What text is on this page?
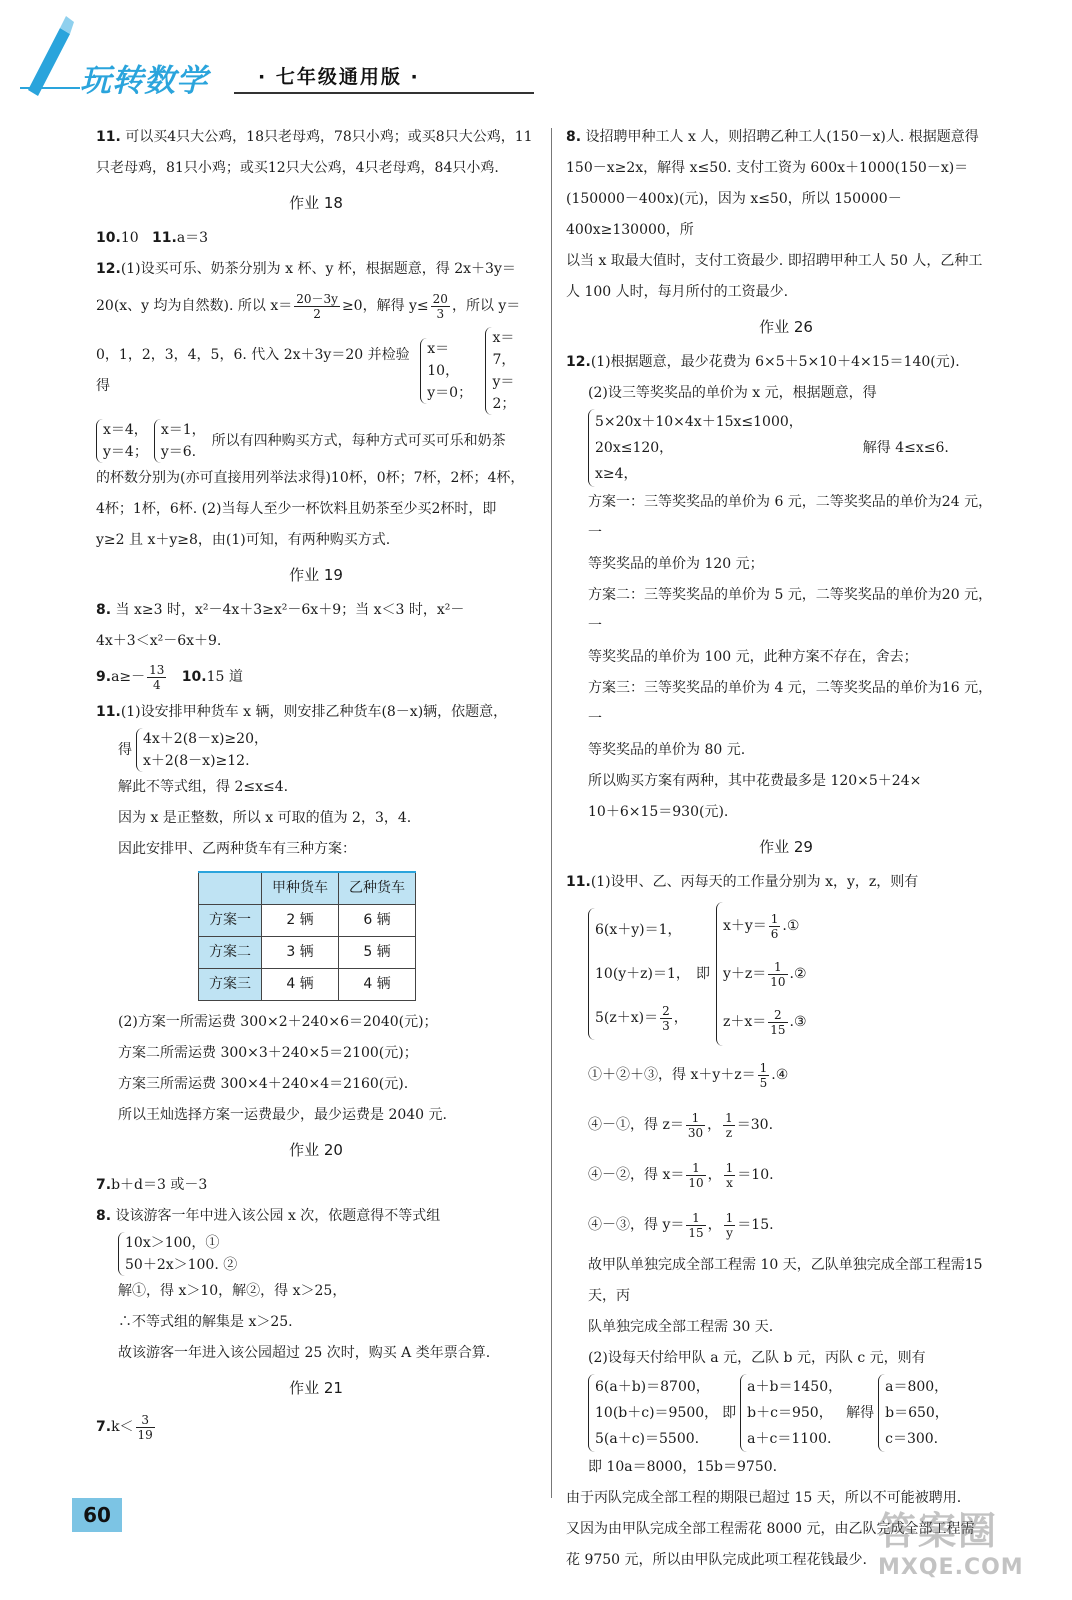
玩转数学	· 七年级通用版 ·

11. 可以买4只大公鸡，18只老母鸡，78只小鸡；或买8只大公鸡，11

只老母鸡，81只小鸡；或买12只大公鸡，4只老母鸡，84只小鸡.

作业 18

10.10 11.a＝3

12.(1)设买可乐、奶茶分别为 x 杯、y 杯，根据题意，得 2x＋3y＝

20(x、y 均为自然数). 所以 $x= \frac{20-3y}{2} \ge 0$，解得 $y\le \frac{20}{3}$ ，所以 y＝

0，1，2，3，4，5，6. 代入 2x＋3y＝20 并检验得
x＝10，
y＝0；
x＝7，
y＝2；

x＝4，
y＝4；
x＝1，
y＝6.
所以有四种购买方式，每种方式可买可乐和奶茶

的杯数分别为(亦可直接用列举法求得)10杯，0杯；7杯，2杯；4杯，

4杯；1杯，6杯. (2)当每人至少一杯饮料且奶茶至少买2杯时，即

y≥2 且 x＋y≥8，由(1)可知，有两种购买方式.

作业 19

8. 当 x≥3 时，x²－4x＋3≥x²－6x＋9；当 x＜3 时，x²－

4x＋3＜x²－6x＋9.

$9.a\ge- \frac{13}{4} 10.15$ 道

11.(1)设安排甲种货车 x 辆，则安排乙种货车(8－x)辆，依题意，

得
4x＋2(8－x)≥20，
x＋2(8－x)≥12.

解此不等式组，得 2≤x≤4.

因为 x 是正整数，所以 x 可取的值为 2，3，4.

因此安排甲、乙两种货车有三种方案：

	甲种货车	乙种货车
方案一	2 辆	6 辆
方案二	3 辆	5 辆
方案三	4 辆	4 辆

(2)方案一所需运费 300×2＋240×6＝2040(元)；

方案二所需运费 300×3＋240×5＝2100(元)；

方案三所需运费 300×4＋240×4＝2160(元).

所以王灿选择方案一运费最少，最少运费是 2040 元.

作业 20

7.b＋d＝3 或－3

8. 设该游客一年中进入该公园 x 次，依题意得不等式组

10x＞100，①
50＋2x＞100. ②

解①，得 x＞10，解②，得 x＞25，

∴不等式组的解集是 x＞25.

故该游客一年进入该公园超过 25 次时，购买 A 类年票合算.

作业 21

$7.k< \frac{3}{19}$

8. 设招聘甲种工人 x 人，则招聘乙种工人(150－x)人. 根据题意得

150－x≥2x，解得 x≤50. 支付工资为 600x＋1000(150－x)＝

(150000－400x)(元)，因为 x≤50，所以 150000－400x≥130000，所

以当 x 取最大值时，支付工资最少. 即招聘甲种工人 50 人，乙种工

人 100 人时，每月所付的工资最少.

作业 26

12.(1)根据题意，最少花费为 6×5＋5×10＋4×15＝140(元).

(2)设三等奖奖品的单价为 x 元，根据题意，得

5×20x＋10×4x＋15x≤1000，
20x≤120，
x≥4，
解得 4≤x≤6.

方案一：三等奖奖品的单价为 6 元，二等奖奖品的单价为24 元，一

等奖奖品的单价为 120 元；

方案二：三等奖奖品的单价为 5 元，二等奖奖品的单价为20 元，一

等奖奖品的单价为 100 元，此种方案不存在，舍去；

方案三：三等奖奖品的单价为 4 元，二等奖奖品的单价为16 元，一

等奖奖品的单价为 80 元.

所以购买方案有两种，其中花费最多是 120×5＋24×

10＋6×15＝930(元).

作业 29

11.(1)设甲、乙、丙每天的工作量分别为 x，y，z，则有

6(x＋y)＝1，
10(y＋z)＝1，
$5(z+x)= \frac{2}{3}$ ，
即
$x+y= \frac{1}{6}$ .①
$y+z= \frac{1}{10}$ .②
$z+x= \frac{2}{15}$ .③

①＋②＋③，得 $x+y+z= \frac{1}{5}$ .④

④－①，得 $z= \frac{1}{30}$ ， $\frac{1}{z} =30$.

④－②，得 $x= \frac{1}{10}$ ， $\frac{1}{x} =10$.

④－③，得 $y= \frac{1}{15}$ ， $\frac{1}{y} =15$.

故甲队单独完成全部工程需 10 天，乙队单独完成全部工程需15 天，丙

队单独完成全部工程需 30 天.

(2)设每天付给甲队 a 元，乙队 b 元，丙队 c 元，则有

6(a＋b)＝8700，
10(b＋c)＝9500，
5(a＋c)＝5500.
即
a＋b＝1450，
b＋c＝950，
a＋c＝1100.
解得
a＝800，
b＝650，
c＝300.

即 10a＝8000，15b＝9750.

由于丙队完成全部工程的期限已超过 15 天，所以不可能被聘用.

又因为由甲队完成全部工程需花 8000 元，由乙队完成全部工程需

花 9750 元，所以由甲队完成此项工程花钱最少.

60	答案圈
MXQE.COM
